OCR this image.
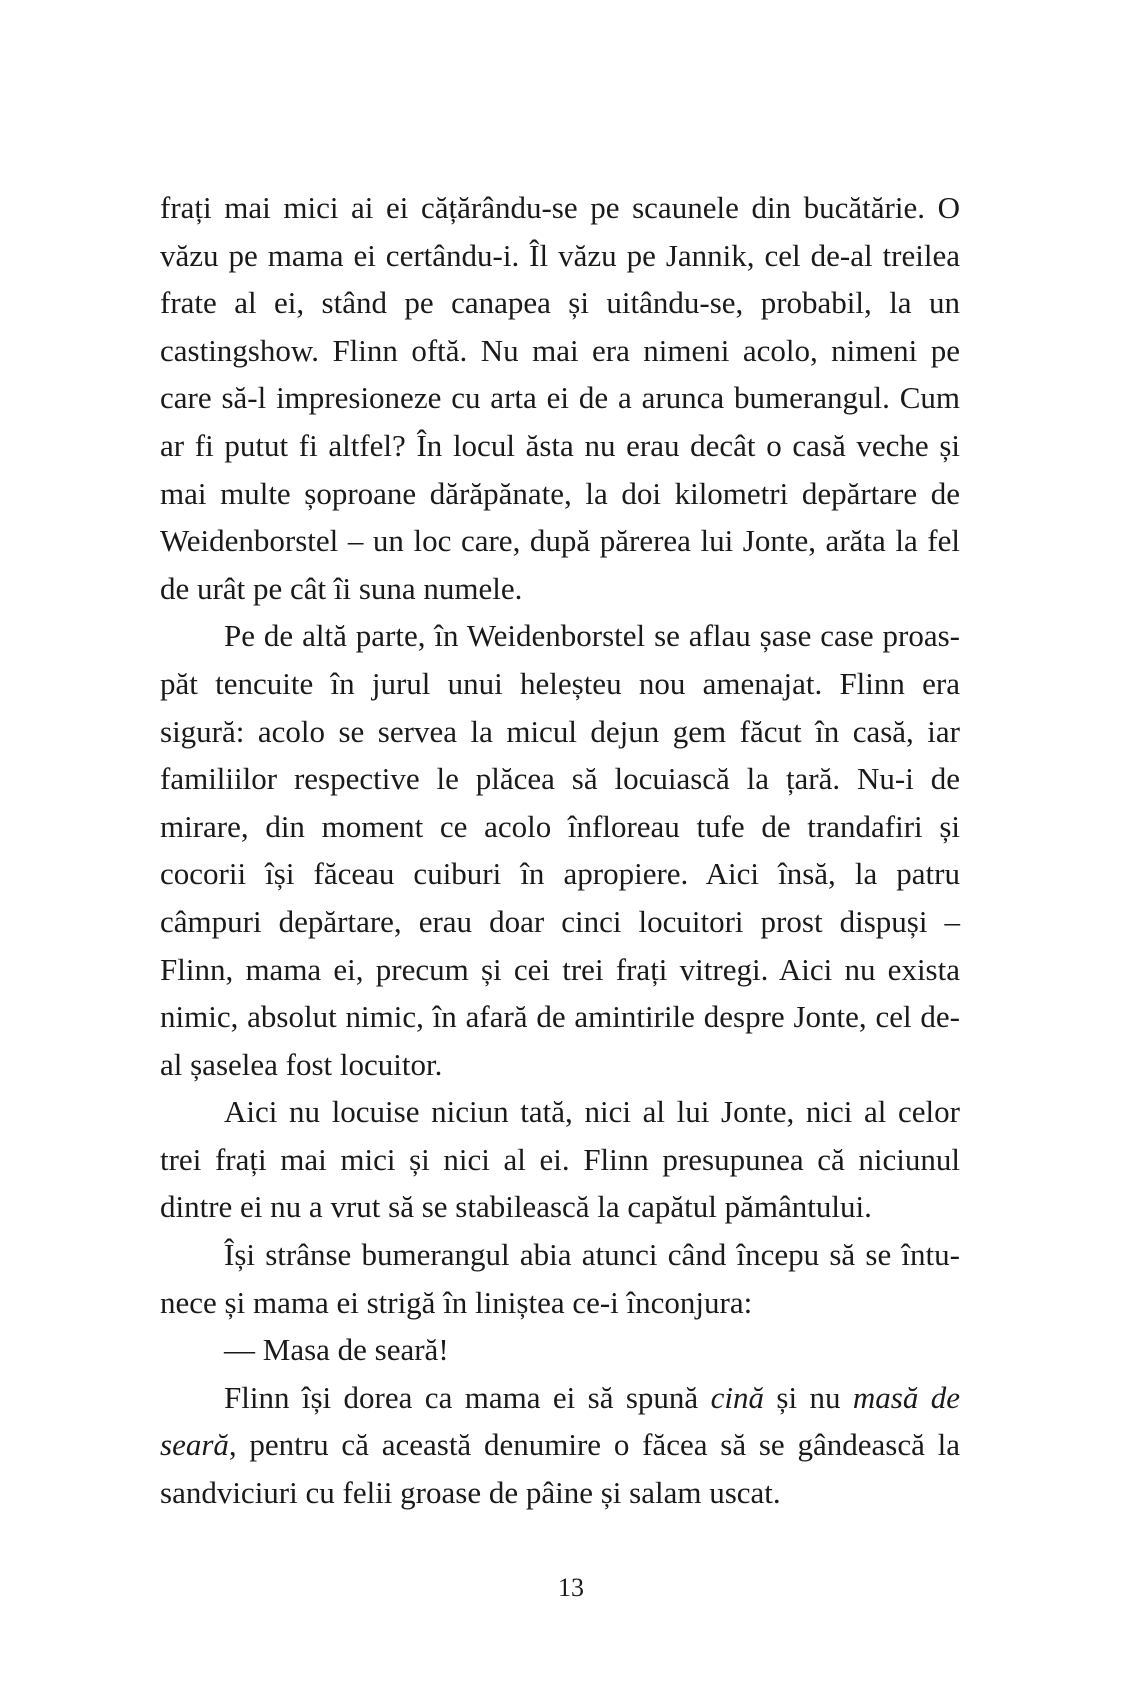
frați mai mici ai ei cățărându-se pe scaunele din bucătărie. O văzu pe mama ei certându-i. Îl văzu pe Jannik, cel de-al treilea frate al ei, stând pe canapea și uitându-se, probabil, la un castingshow. Flinn oftă. Nu mai era nimeni acolo, nimeni pe care să-l impresioneze cu arta ei de a arunca bumerangul. Cum ar fi putut fi altfel? În locul ăsta nu erau decât o casă veche și mai multe șoproane dărăpănate, la doi kilometri depărtare de Weidenborstel – un loc care, după părerea lui Jonte, arăta la fel de urât pe cât îi suna numele.

Pe de altă parte, în Weidenborstel se aflau șase case proaspăt tencuite în jurul unui heleșteu nou amenajat. Flinn era sigură: acolo se servea la micul dejun gem făcut în casă, iar familiilor respective le plăcea să locuiască la țară. Nu-i de mirare, din moment ce acolo înfloreau tufe de trandafiri și cocorii își făceau cuiburi în apropiere. Aici însă, la patru câmpuri depărtare, erau doar cinci locuitori prost dispuși – Flinn, mama ei, precum și cei trei frați vitregi. Aici nu exista nimic, absolut nimic, în afară de amintirile despre Jonte, cel de-al șaselea fost locuitor.

Aici nu locuise niciun tată, nici al lui Jonte, nici al celor trei frați mai mici și nici al ei. Flinn presupunea că niciunul dintre ei nu a vrut să se stabilească la capătul pământului.

Își strânse bumerangul abia atunci când începu să se întunece și mama ei strigă în liniștea ce-i înconjura:

— Masa de seară!

Flinn își dorea ca mama ei să spună cină și nu masă de seară, pentru că această denumire o făcea să se gândească la sandviciuri cu felii groase de pâine și salam uscat.

13
